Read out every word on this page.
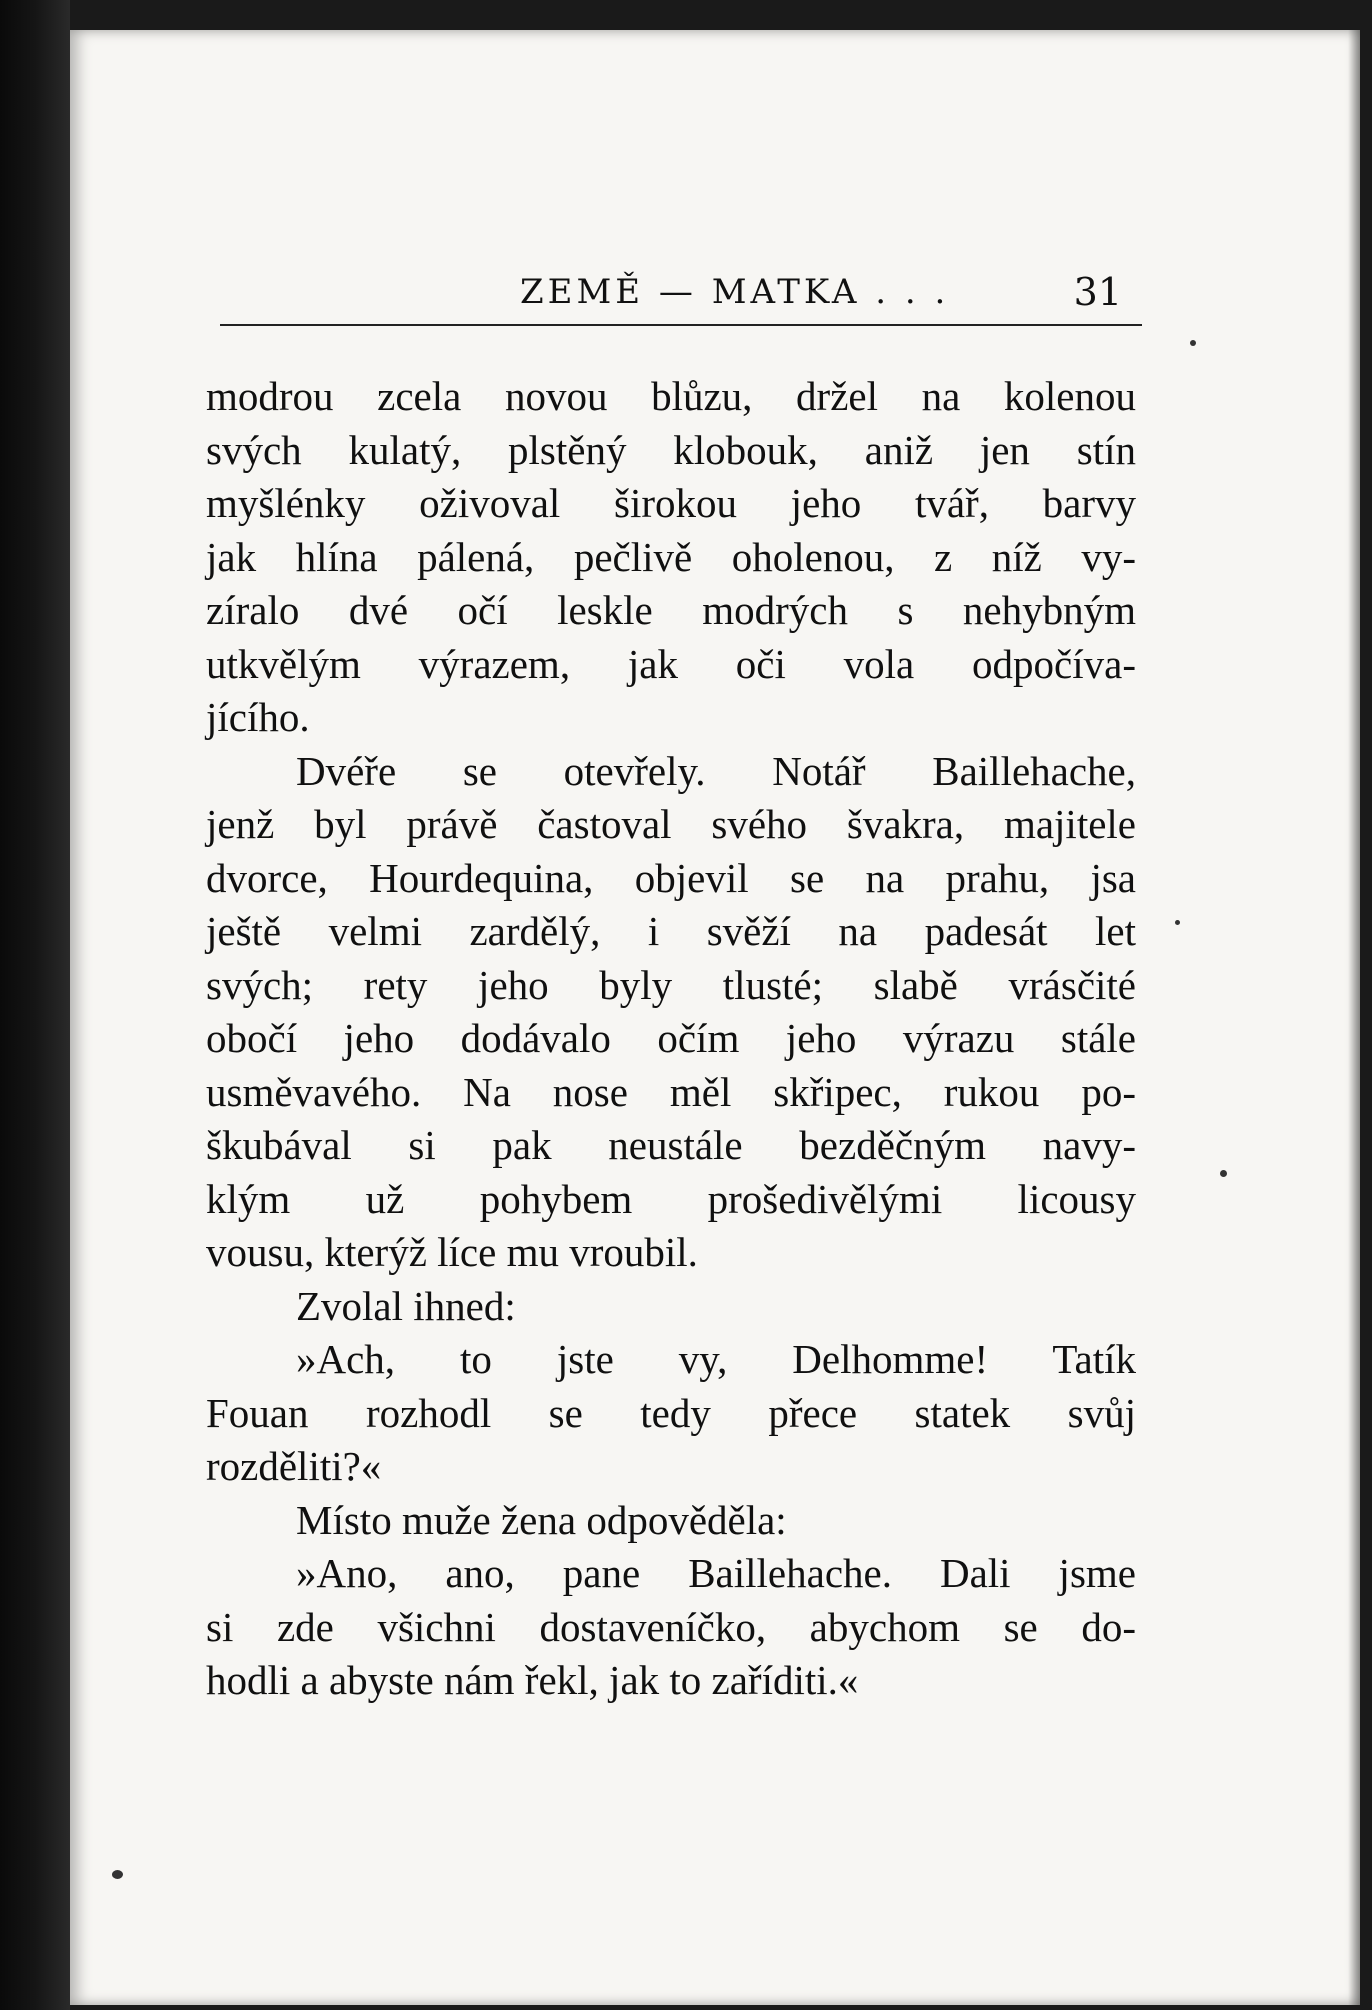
ZEMĚ — MATKA . . .	31
modrou zcela novou blůzu, držel na kolenou
svých kulatý, plstěný klobouk, aniž jen stín
myšlénky oživoval širokou jeho tvář, barvy
jak hlína pálená, pečlivě oholenou, z níž vy-
zíralo dvé očí leskle modrých s nehybným
utkvělým výrazem, jak oči vola odpočíva-
jícího.
Dvéře se otevřely. Notář Baillehache,
jenž byl právě častoval svého švakra, majitele
dvorce, Hourdequina, objevil se na prahu, jsa
ještě velmi zardělý, i svěží na padesát let
svých; rety jeho byly tlusté; slabě vrásčité
obočí jeho dodávalo očím jeho výrazu stále
usměvavého. Na nose měl skřipec, rukou po-
škubával si pak neustále bezděčným navy-
klým už pohybem prošedivělými licousy
vousu, kterýž líce mu vroubil.
Zvolal ihned:
»Ach, to jste vy, Delhomme! Tatík
Fouan rozhodl se tedy přece statek svůj
rozděliti?«
Místo muže žena odpověděla:
»Ano, ano, pane Baillehache. Dali jsme
si zde všichni dostaveníčko, abychom se do-
hodli a abyste nám řekl, jak to zaříditi.«
